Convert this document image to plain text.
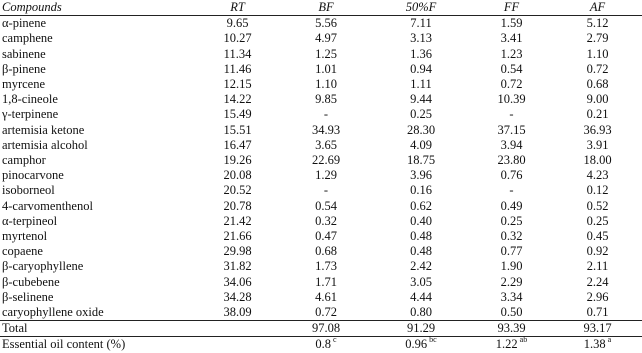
Compounds	RT	BF	50%F	FF	AF
α-pinene	9.65	5.56	7.11	1.59	5.12
camphene	10.27	4.97	3.13	3.41	2.79
sabinene	11.34	1.25	1.36	1.23	1.10
β-pinene	11.46	1.01	0.94	0.54	0.72
myrcene	12.15	1.10	1.11	0.72	0.68
1,8-cineole	14.22	9.85	9.44	10.39	9.00
γ-terpinene	15.49	-	0.25	-	0.21
artemisia ketone	15.51	34.93	28.30	37.15	36.93
artemisia alcohol	16.47	3.65	4.09	3.94	3.91
camphor	19.26	22.69	18.75	23.80	18.00
pinocarvone	20.08	1.29	3.96	0.76	4.23
isoborneol	20.52	-	0.16	-	0.12
4-carvomenthenol	20.78	0.54	0.62	0.49	0.52
α-terpineol	21.42	0.32	0.40	0.25	0.25
myrtenol	21.66	0.47	0.48	0.32	0.45
copaene	29.98	0.68	0.48	0.77	0.92
β-caryophyllene	31.82	1.73	2.42	1.90	2.11
β-cubebene	34.06	1.71	3.05	2.29	2.24
β-selinene	34.28	4.61	4.44	3.34	2.96
caryophyllene oxide	38.09	0.72	0.80	0.50	0.71
Total		97.08	91.29	93.39	93.17
Essential oil content (%)		0.8 $^c$	0.96 $^{bc}$	1.22 $^{ab}$	1.38 $^a$
